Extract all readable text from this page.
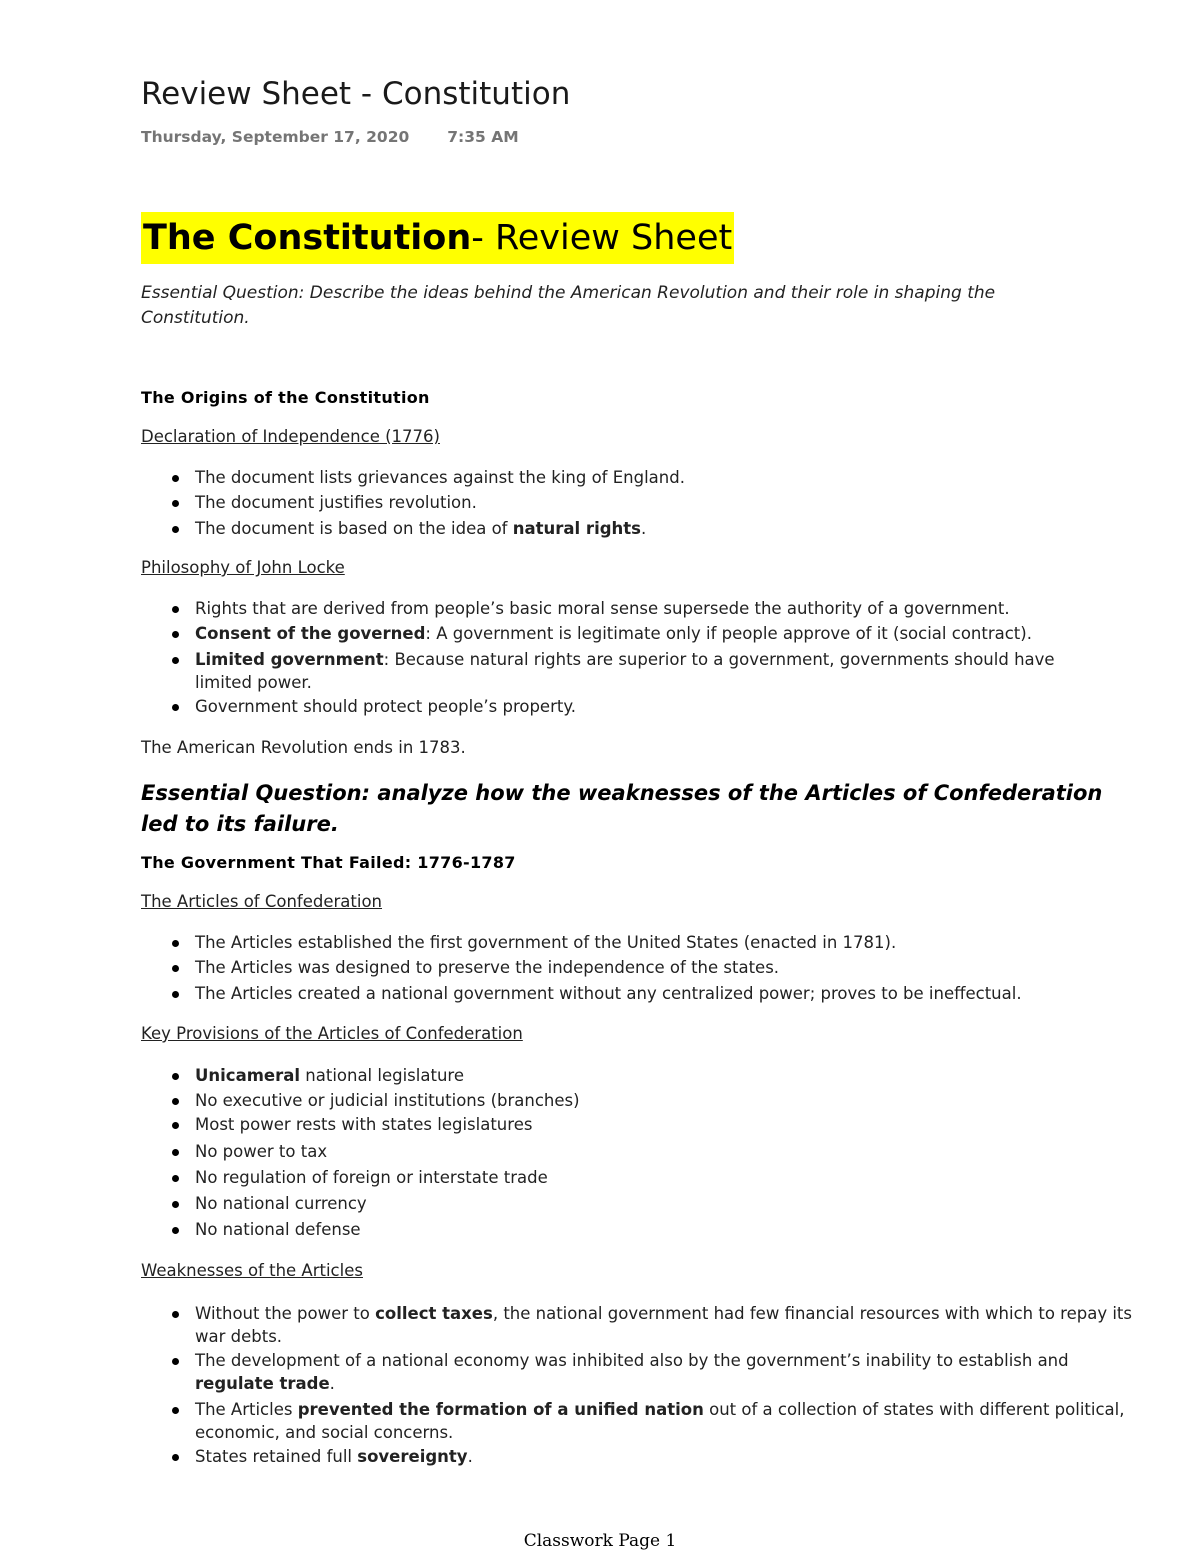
Review Sheet - Constitution
Thursday, September 17, 2020 7:35 AM
The Constitution- Review Sheet

Essential Question: Describe the ideas behind the American Revolution and their role in shaping the Constitution.

The Origins of the Constitution

Declaration of Independence (1776)

The document lists grievances against the king of England.
The document justifies revolution.
The document is based on the idea of natural rights.

Philosophy of John Locke

Rights that are derived from people’s basic moral sense supersede the authority of a government.
Consent of the governed: A government is legitimate only if people approve of it (social contract).
Limited government: Because natural rights are superior to a government, governments should have limited power.
Government should protect people’s property.

The American Revolution ends in 1783.

Essential Question: analyze how the weaknesses of the Articles of Confederation led to its failure.

The Government That Failed: 1776-1787

The Articles of Confederation

The Articles established the first government of the United States (enacted in 1781).
The Articles was designed to preserve the independence of the states.
The Articles created a national government without any centralized power; proves to be ineffectual.

Key Provisions of the Articles of Confederation

Unicameral national legislature
No executive or judicial institutions (branches)
Most power rests with states legislatures
No power to tax
No regulation of foreign or interstate trade
No national currency
No national defense

Weaknesses of the Articles

Without the power to collect taxes, the national government had few financial resources with which to repay its war debts.
The development of a national economy was inhibited also by the government’s inability to establish and regulate trade.
The Articles prevented the formation of a unified nation out of a collection of states with different political, economic, and social concerns.
States retained full sovereignty.
Classwork Page 1
